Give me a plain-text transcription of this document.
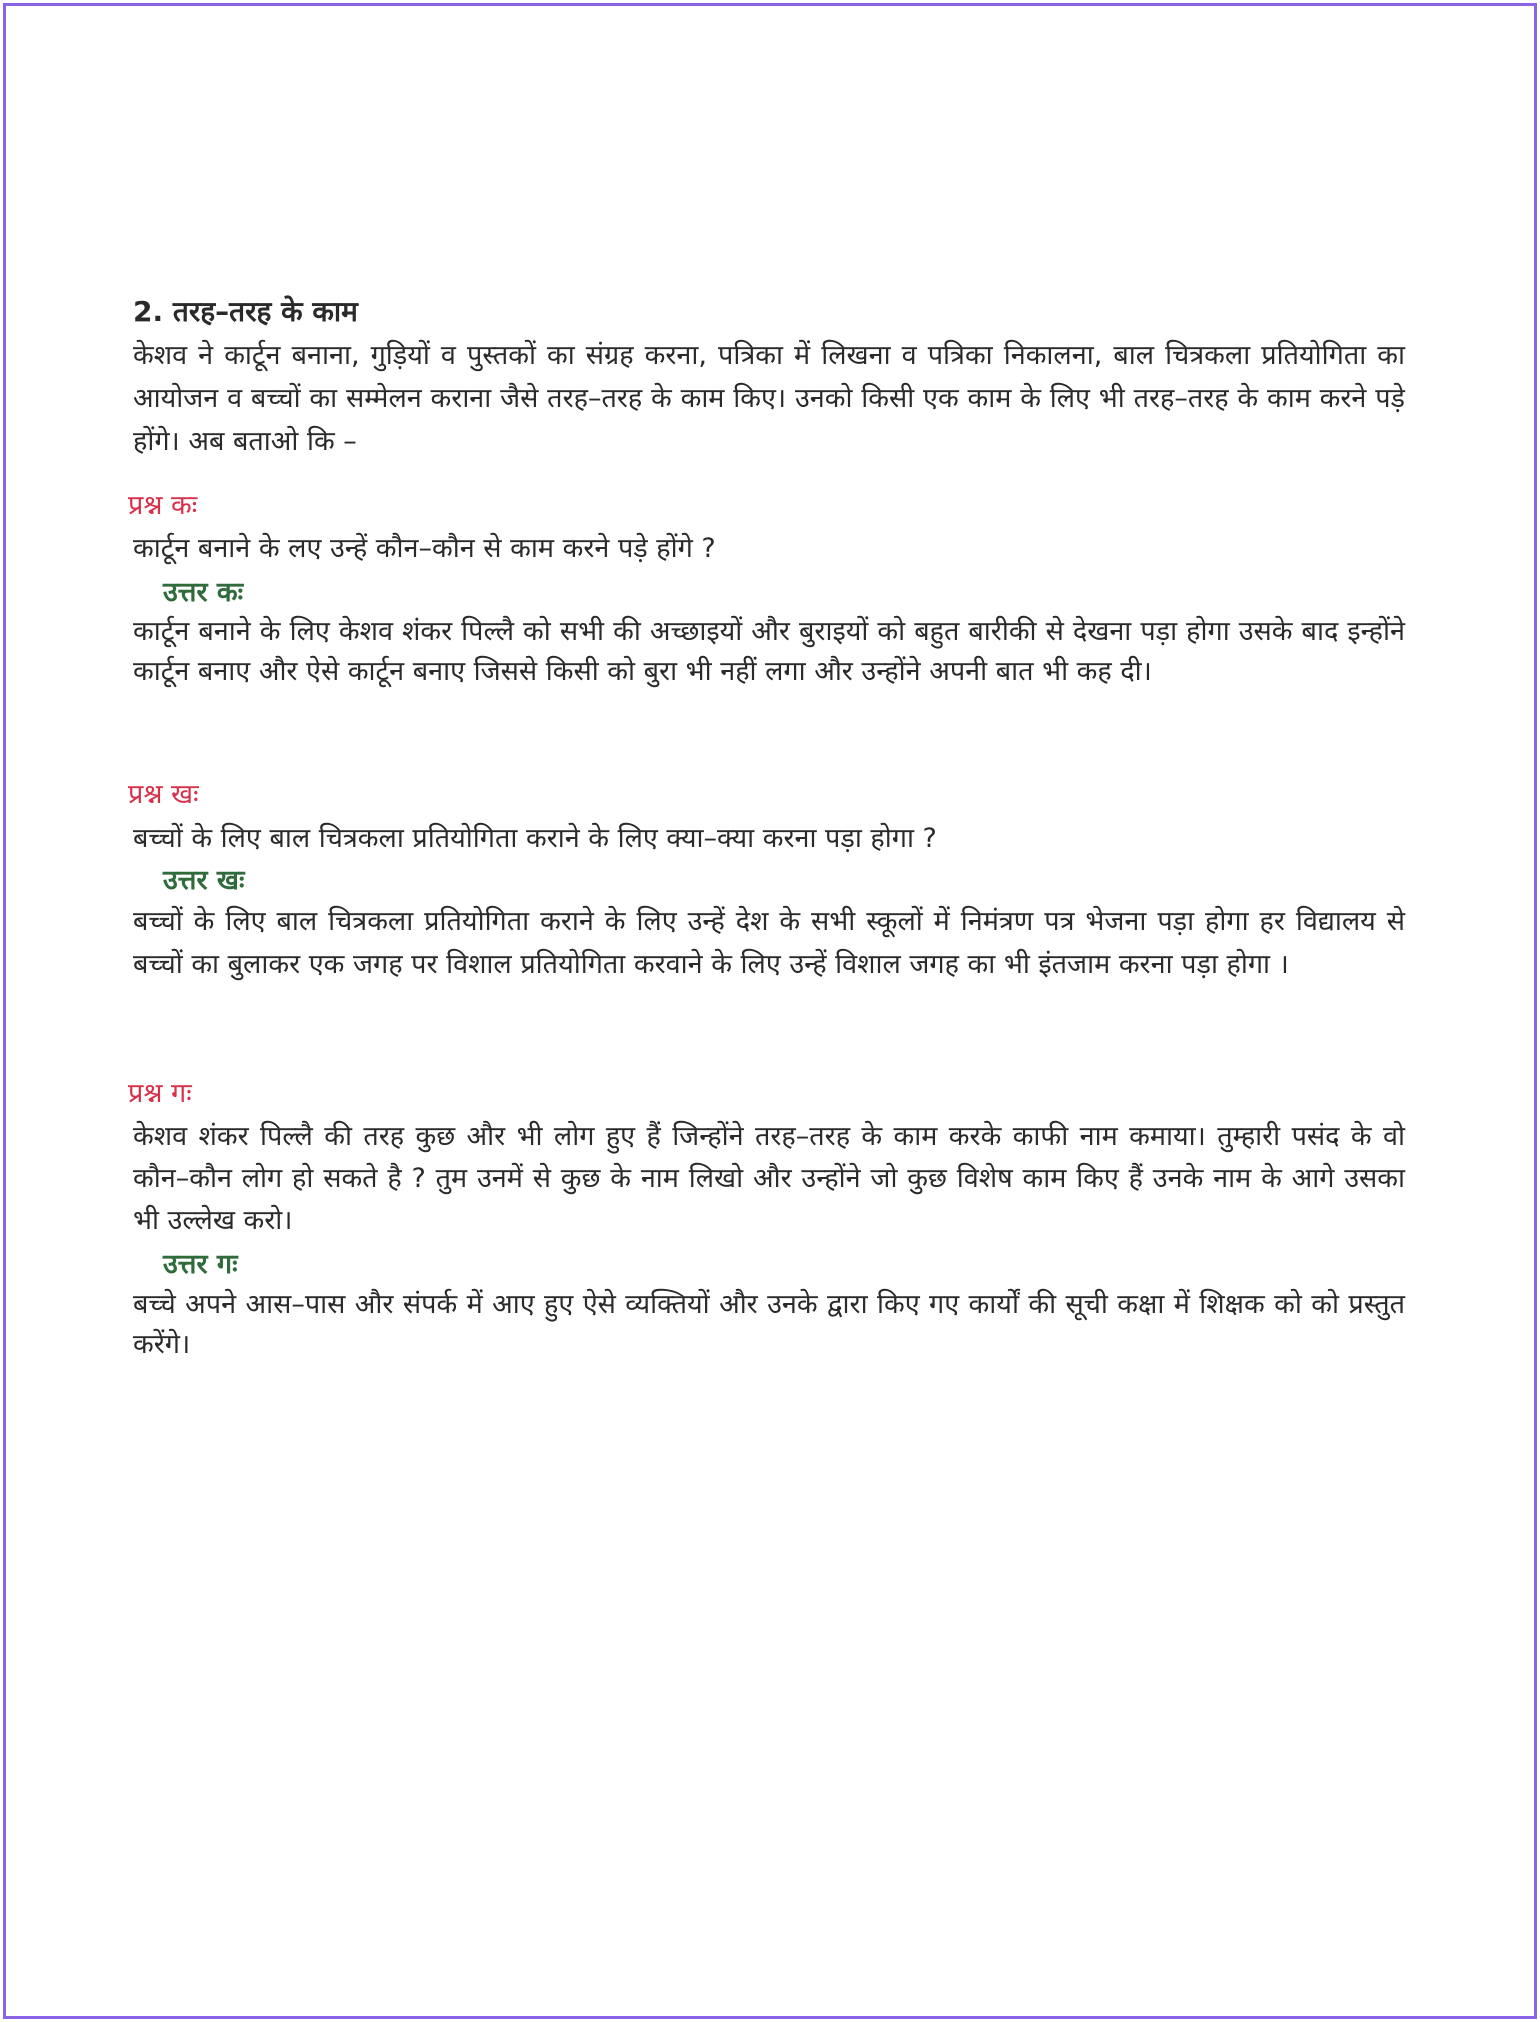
2. तरह–तरह के काम
केशव ने कार्टून बनाना, गुड़ियों व पुस्तकों का संग्रह करना, पत्रिका में लिखना व पत्रिका निकालना, बाल चित्रकला प्रतियोगिता का आयोजन व बच्चों का सम्मेलन कराना जैसे तरह–तरह के काम किए। उनको किसी एक काम के लिए भी तरह–तरह के काम करने पड़े होंगे। अब बताओ कि –
प्रश्न कः
कार्टून बनाने के लए उन्हें कौन–कौन से काम करने पड़े होंगे ?
उत्तर कः
कार्टून बनाने के लिए केशव शंकर पिल्लै को सभी की अच्छाइयों और बुराइयों को बहुत बारीकी से देखना पड़ा होगा उसके बाद इन्होंने कार्टून बनाए और ऐसे कार्टून बनाए जिससे किसी को बुरा भी नहीं लगा और उन्होंने अपनी बात भी कह दी।
प्रश्न खः
बच्चों के लिए बाल चित्रकला प्रतियोगिता कराने के लिए क्या–क्या करना पड़ा होगा ?
उत्तर खः
बच्चों के लिए बाल चित्रकला प्रतियोगिता कराने के लिए उन्हें देश के सभी स्कूलों में निमंत्रण पत्र भेजना पड़ा होगा हर विद्यालय से बच्चों का बुलाकर एक जगह पर विशाल प्रतियोगिता करवाने के लिए उन्हें विशाल जगह का भी इंतजाम करना पड़ा होगा ।
प्रश्न गः
केशव शंकर पिल्लै की तरह कुछ और भी लोग हुए हैं जिन्होंने तरह–तरह के काम करके काफी नाम कमाया। तुम्हारी पसंद के वो कौन–कौन लोग हो सकते है ? तुम उनमें से कुछ के नाम लिखो और उन्होंने जो कुछ विशेष काम किए हैं उनके नाम के आगे उसका भी उल्लेख करो।
उत्तर गः
बच्चे अपने आस–पास और संपर्क में आए हुए ऐसे व्यक्तियों और उनके द्वारा किए गए कार्यों की सूची कक्षा में शिक्षक को को प्रस्तुत करेंगे।
